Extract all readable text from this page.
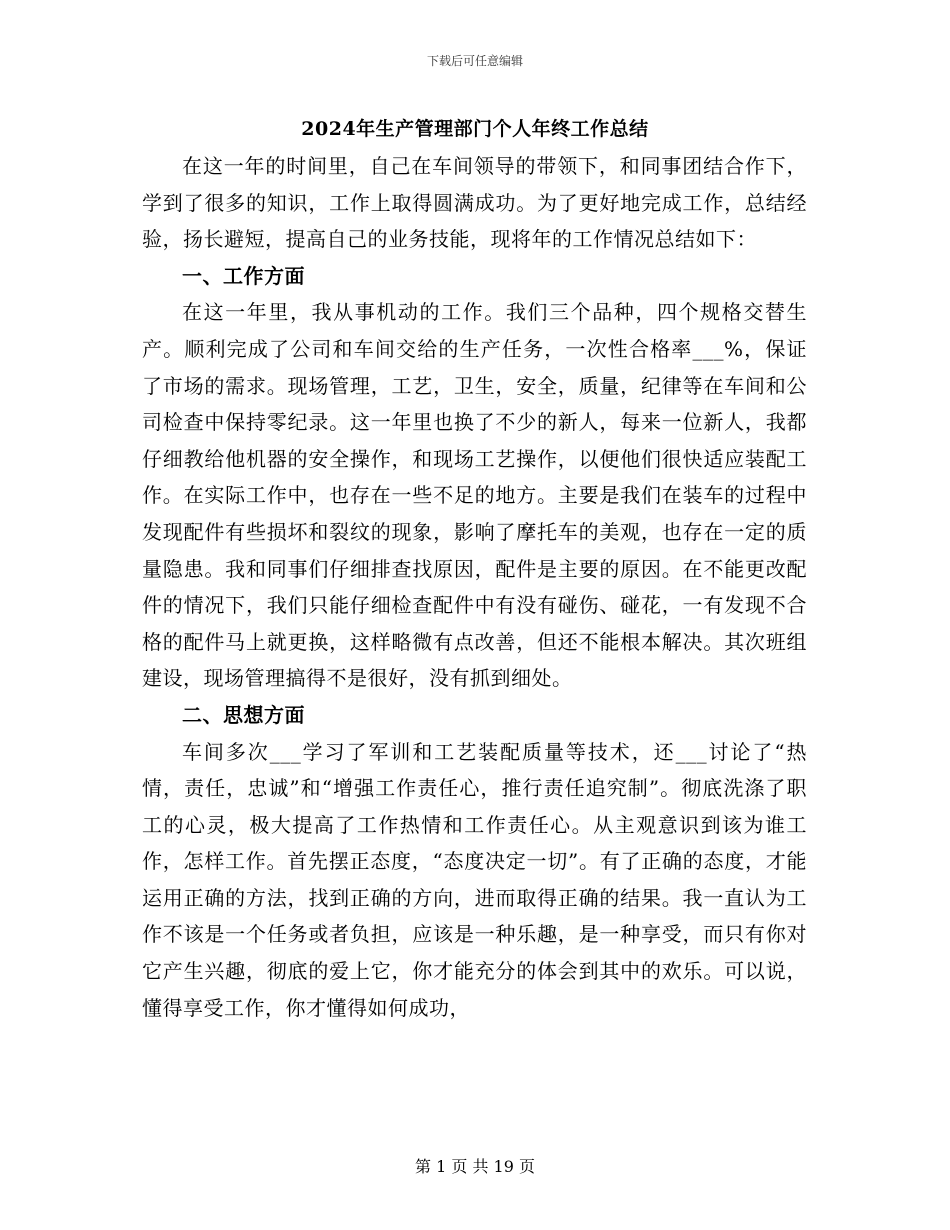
下载后可任意编辑
2024年生产管理部门个人年终工作总结

在这一年的时间里，自己在车间领导的带领下，和同事团结合作下，学到了很多的知识，工作上取得圆满成功。为了更好地完成工作，总结经验，扬长避短，提高自己的业务技能，现将年的工作情况总结如下：

一、工作方面

在这一年里，我从事机动的工作。我们三个品种，四个规格交替生产。顺利完成了公司和车间交给的生产任务，一次性合格率___%，保证了市场的需求。现场管理，工艺，卫生，安全，质量，纪律等在车间和公司检查中保持零纪录。这一年里也换了不少的新人，每来一位新人，我都仔细教给他机器的安全操作，和现场工艺操作，以便他们很快适应装配工作。在实际工作中，也存在一些不足的地方。主要是我们在装车的过程中发现配件有些损坏和裂纹的现象，影响了摩托车的美观，也存在一定的质量隐患。我和同事们仔细排查找原因，配件是主要的原因。在不能更改配件的情况下，我们只能仔细检查配件中有没有碰伤、碰花，一有发现不合格的配件马上就更换，这样略微有点改善，但还不能根本解决。其次班组建设，现场管理搞得不是很好，没有抓到细处。

二、思想方面

车间多次___学习了军训和工艺装配质量等技术，还___讨论了“热情，责任，忠诚”和“增强工作责任心，推行责任追究制”。彻底洗涤了职工的心灵，极大提高了工作热情和工作责任心。从主观意识到该为谁工作，怎样工作。首先摆正态度，“态度决定一切”。有了正确的态度，才能运用正确的方法，找到正确的方向，进而取得正确的结果。我一直认为工作不该是一个任务或者负担，应该是一种乐趣，是一种享受，而只有你对它产生兴趣，彻底的爱上它，你才能充分的体会到其中的欢乐。可以说，懂得享受工作，你才懂得如何成功，

第 1 页 共 19 页
